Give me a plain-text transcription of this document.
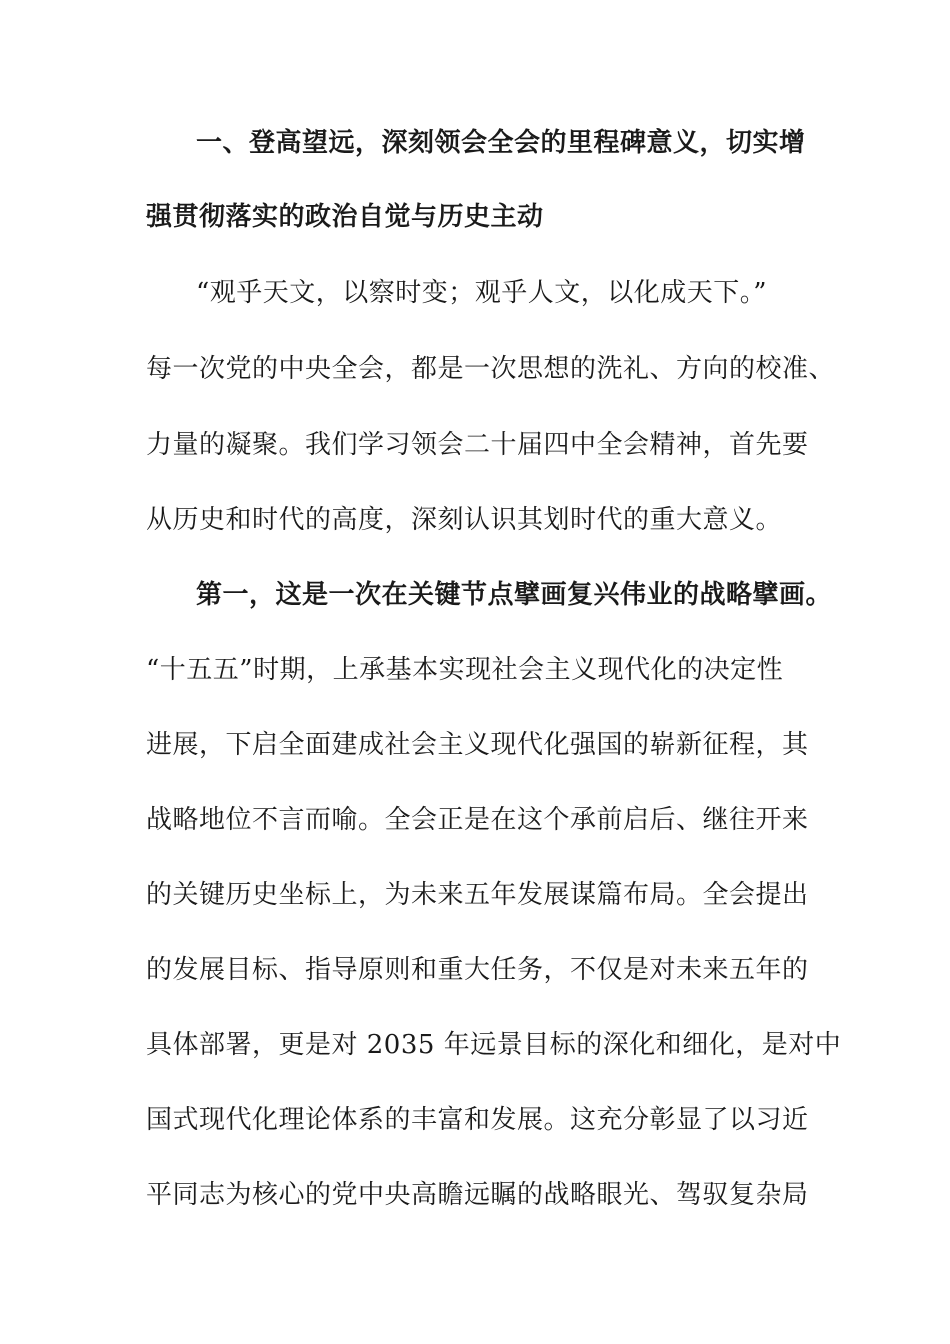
一、登高望远，深刻领会全会的里程碑意义，切实增
强贯彻落实的政治自觉与历史主动
“观乎天文，以察时变；观乎人文，以化成天下。”
每一次党的中央全会，都是一次思想的洗礼、方向的校准、
力量的凝聚。我们学习领会二十届四中全会精神，首先要
从历史和时代的高度，深刻认识其划时代的重大意义。
第一，这是一次在关键节点擘画复兴伟业的战略擘画。
“十五五”时期，上承基本实现社会主义现代化的决定性
进展，下启全面建成社会主义现代化强国的崭新征程，其
战略地位不言而喻。全会正是在这个承前启后、继往开来
的关键历史坐标上，为未来五年发展谋篇布局。全会提出
的发展目标、指导原则和重大任务，不仅是对未来五年的
具体部署，更是对 2035 年远景目标的深化和细化，是对中
国式现代化理论体系的丰富和发展。这充分彰显了以习近
平同志为核心的党中央高瞻远瞩的战略眼光、驾驭复杂局
